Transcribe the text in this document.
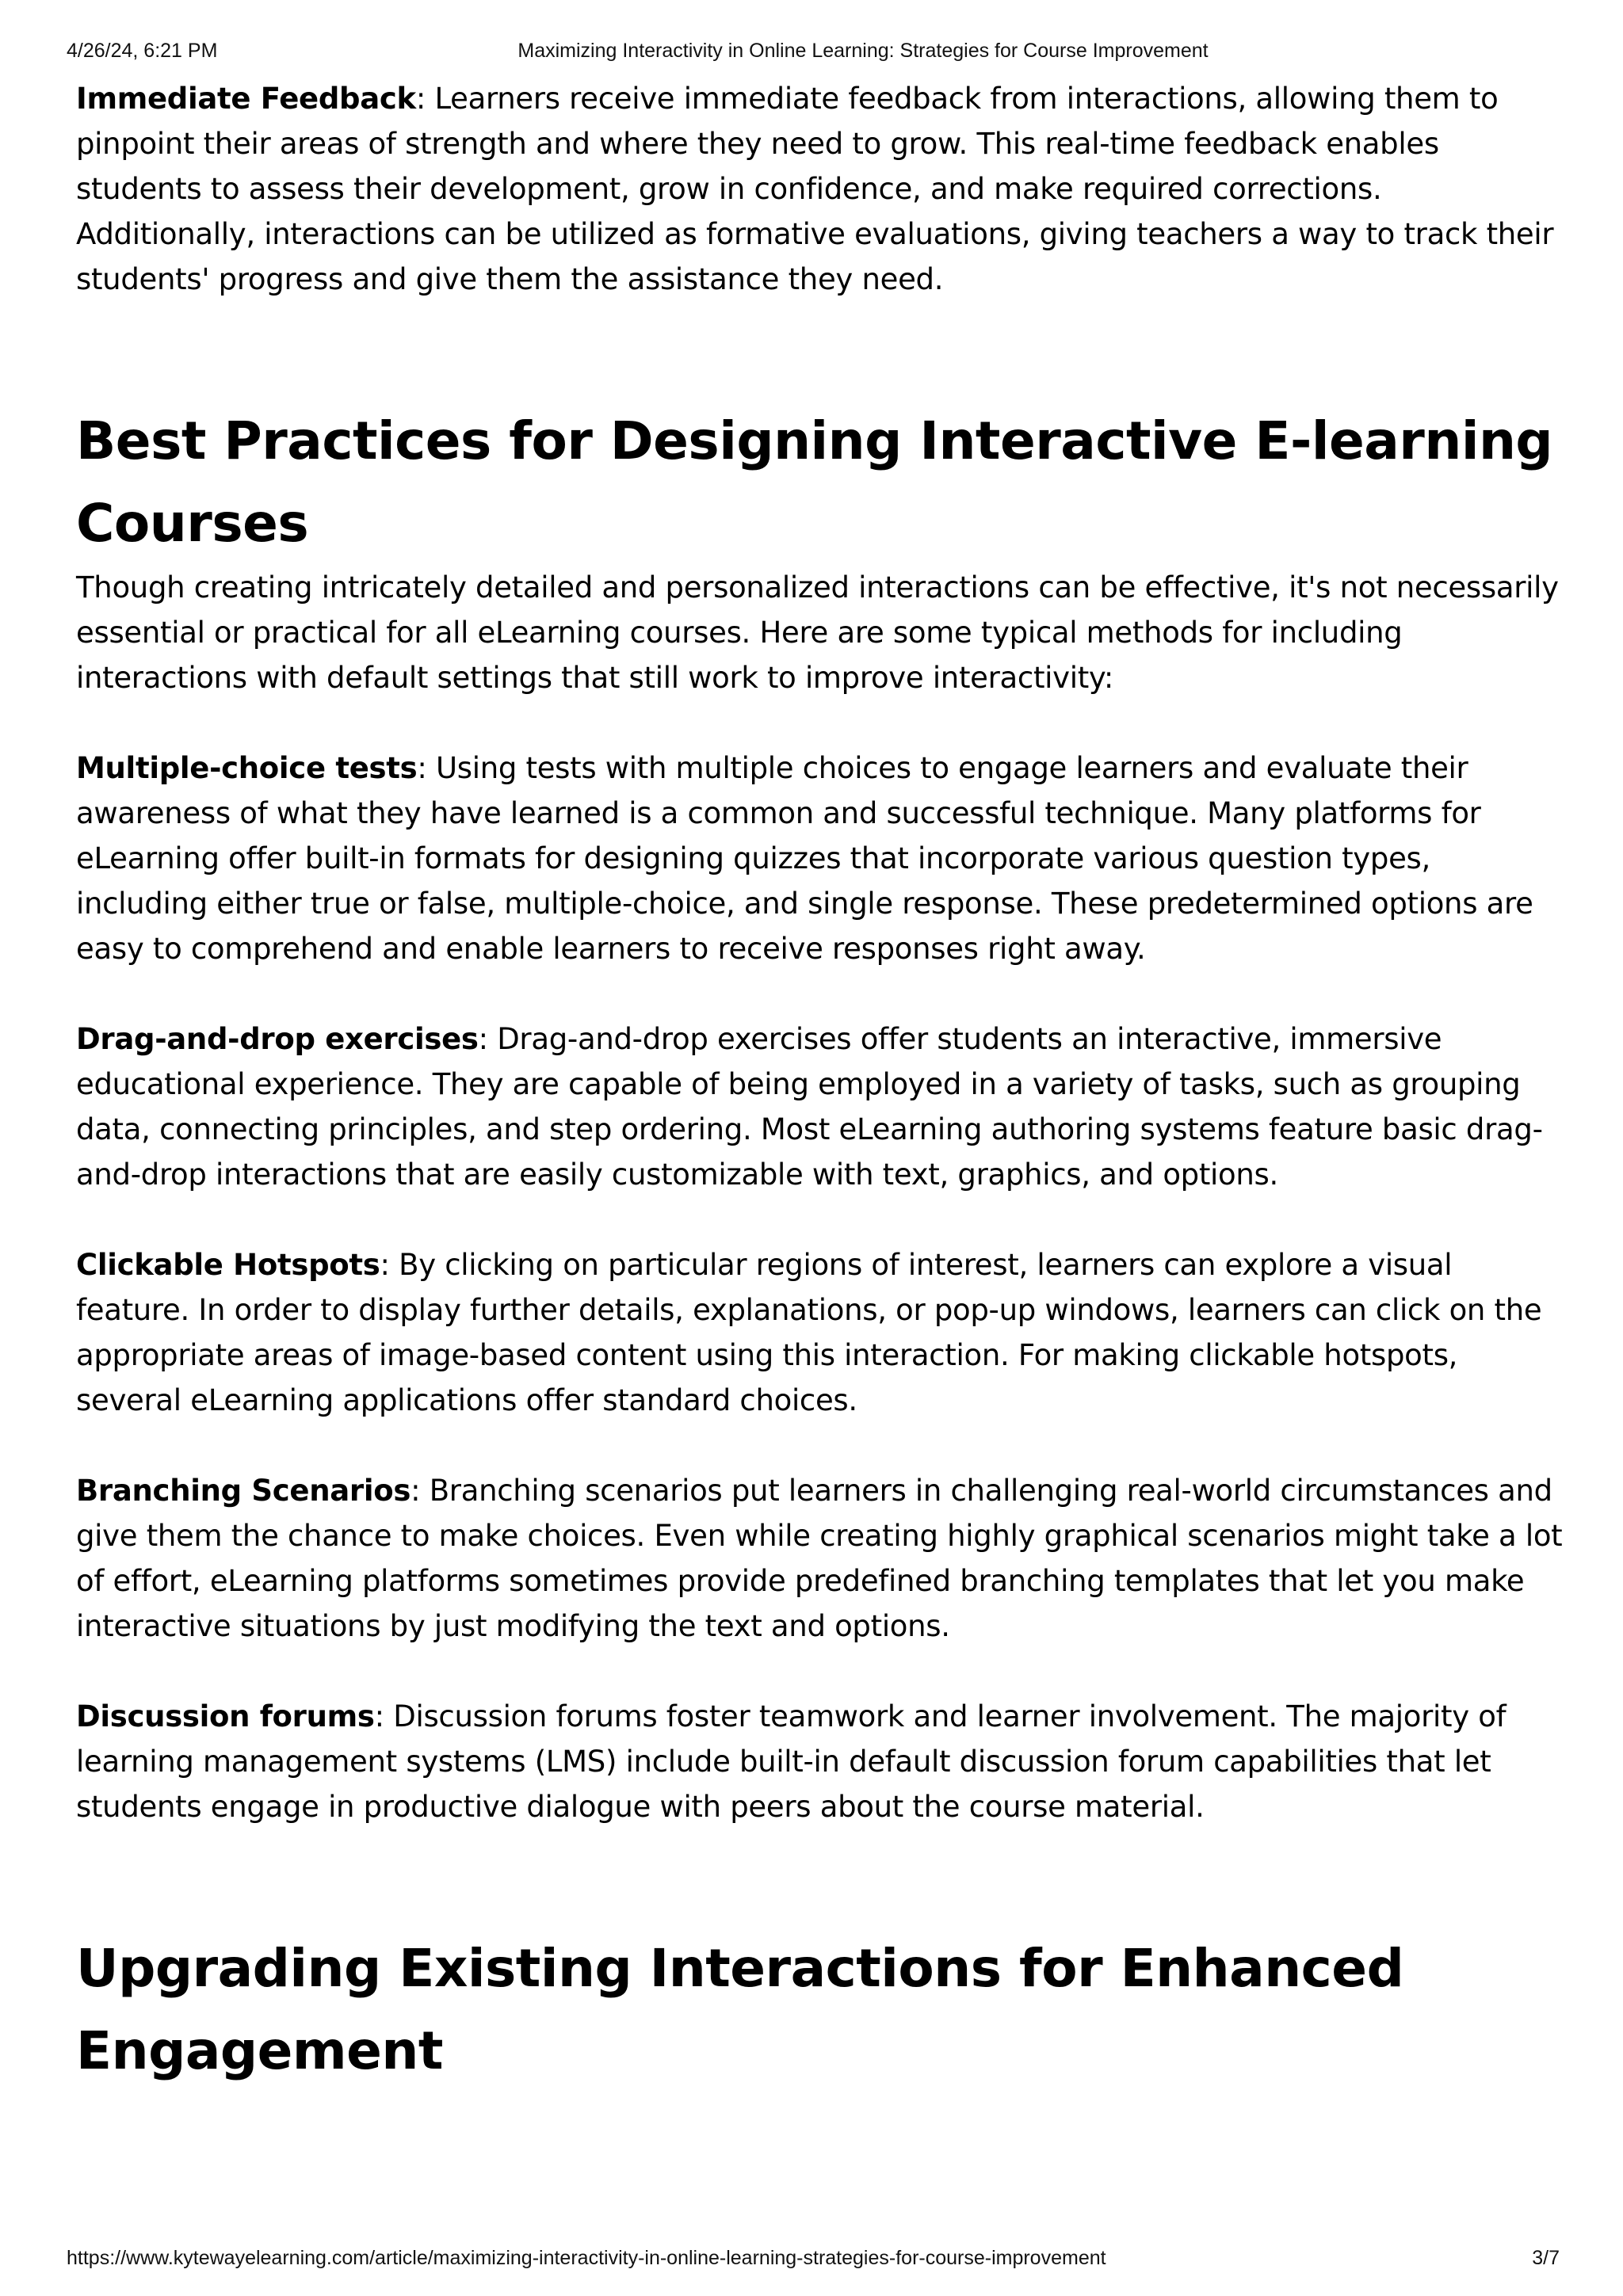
4/26/24, 6:21 PM	Maximizing Interactivity in Online Learning: Strategies for Course Improvement

Immediate Feedback: Learners receive immediate feedback from interactions, allowing them to pinpoint their areas of strength and where they need to grow. This real-time feedback enables students to assess their development, grow in confidence, and make required corrections. Additionally, interactions can be utilized as formative evaluations, giving teachers a way to track their students' progress and give them the assistance they need.

Best Practices for Designing Interactive E-learning Courses

Though creating intricately detailed and personalized interactions can be effective, it's not necessarily essential or practical for all eLearning courses. Here are some typical methods for including interactions with default settings that still work to improve interactivity:

Multiple-choice tests: Using tests with multiple choices to engage learners and evaluate their awareness of what they have learned is a common and successful technique. Many platforms for eLearning offer built-in formats for designing quizzes that incorporate various question types, including either true or false, multiple-choice, and single response. These predetermined options are easy to comprehend and enable learners to receive responses right away.

Drag-and-drop exercises: Drag-and-drop exercises offer students an interactive, immersive educational experience. They are capable of being employed in a variety of tasks, such as grouping data, connecting principles, and step ordering. Most eLearning authoring systems feature basic drag-and-drop interactions that are easily customizable with text, graphics, and options.

Clickable Hotspots: By clicking on particular regions of interest, learners can explore a visual feature. In order to display further details, explanations, or pop-up windows, learners can click on the appropriate areas of image-based content using this interaction. For making clickable hotspots, several eLearning applications offer standard choices.

Branching Scenarios: Branching scenarios put learners in challenging real-world circumstances and give them the chance to make choices. Even while creating highly graphical scenarios might take a lot of effort, eLearning platforms sometimes provide predefined branching templates that let you make interactive situations by just modifying the text and options.

Discussion forums: Discussion forums foster teamwork and learner involvement. The majority of learning management systems (LMS) include built-in default discussion forum capabilities that let students engage in productive dialogue with peers about the course material.

Upgrading Existing Interactions for Enhanced Engagement
https://www.kytewayelearning.com/article/maximizing-interactivity-in-online-learning-strategies-for-course-improvement	3/7
